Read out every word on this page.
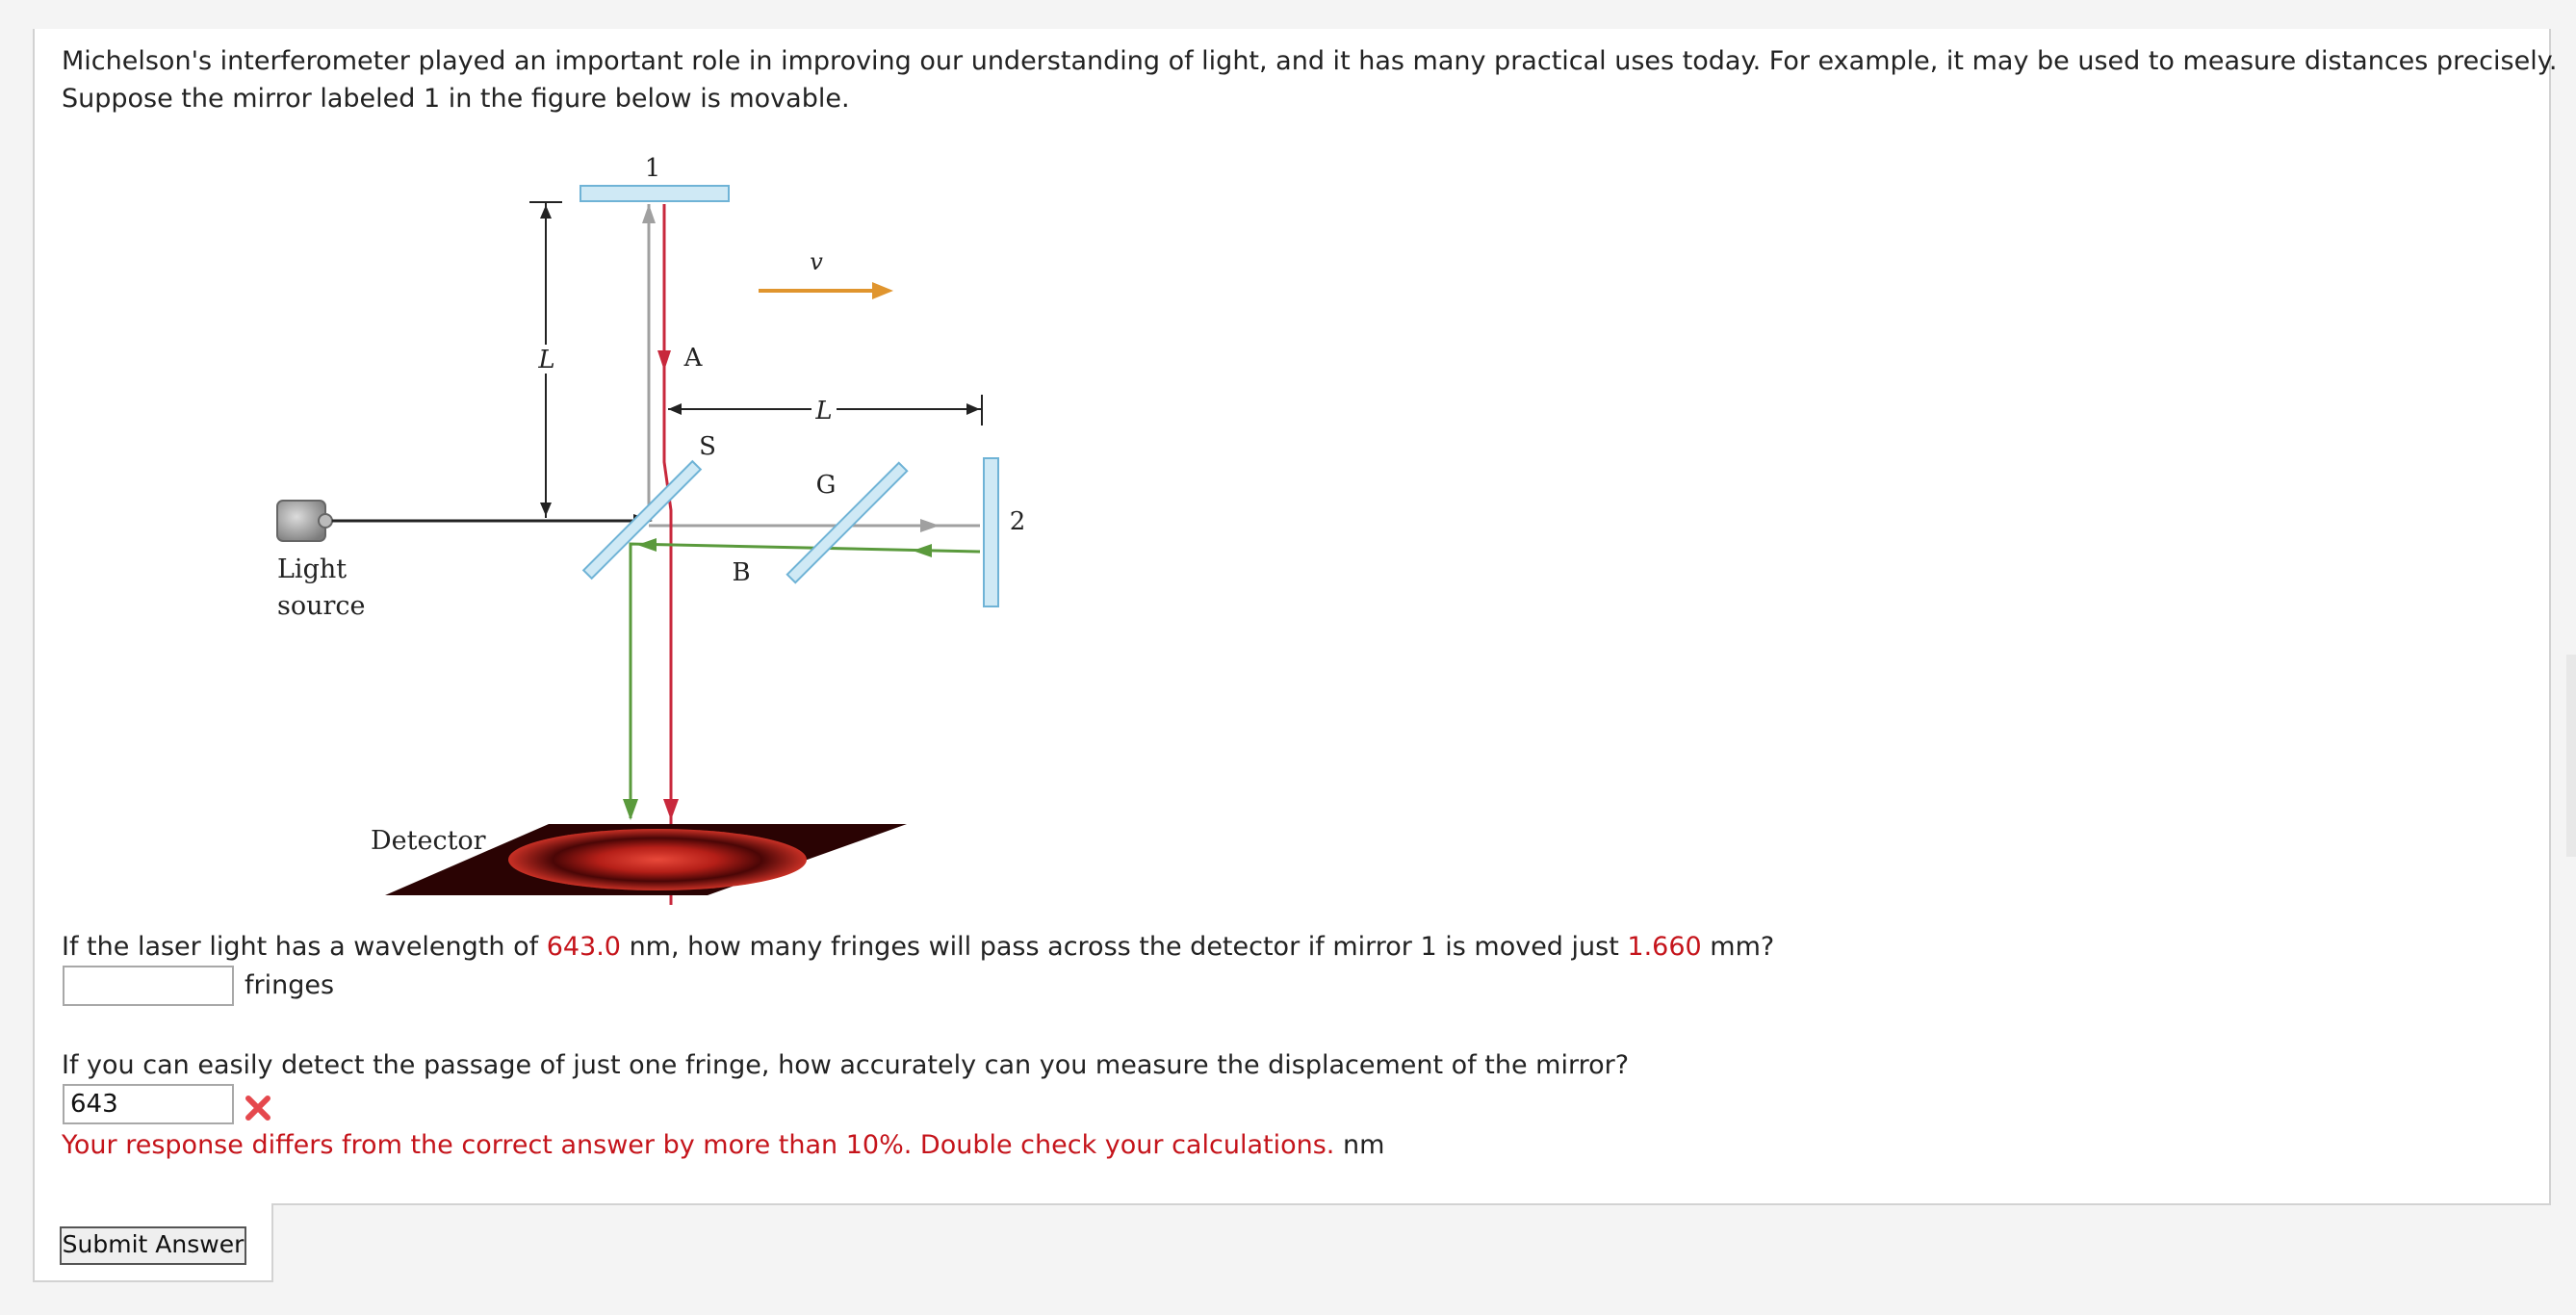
Michelson's interferometer played an important role in improving our understanding of light, and it has many practical uses today. For example, it may be used to measure distances precisely.
Suppose the mirror labeled 1 in the figure below is movable.
1
L
L
v
Light
source
A
B
S
G
2
Detector
If the laser light has a wavelength of 643.0 nm, how many fringes will pass across the detector if mirror 1 is moved just 1.660 mm?
fringes
If you can easily detect the passage of just one fringe, how accurately can you measure the displacement of the mirror?
643
Your response differs from the correct answer by more than 10%. Double check your calculations. nm
Submit Answer
